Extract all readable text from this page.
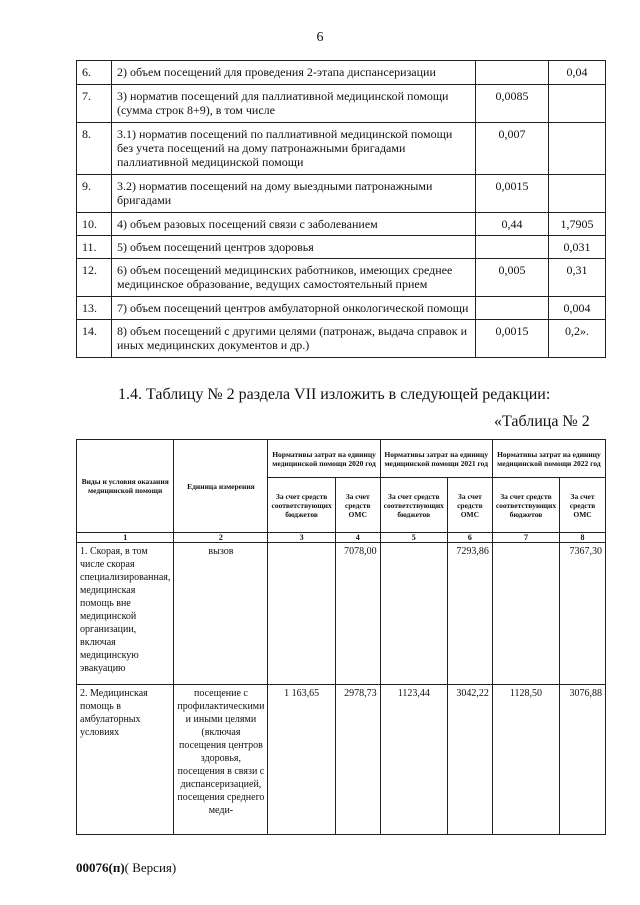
6
6.	2) объем посещений для проведения 2-этапа диспансеризации		0,04
7.	3) норматив посещений для паллиативной медицинской помощи (сумма строк 8+9), в том числе	0,0085	
8.	3.1) норматив посещений по паллиативной медицинской помощи без учета посещений на дому патронажными бригадами паллиативной медицинской помощи	0,007	
9.	3.2) норматив посещений на дому выездными патронажными бригадами	0,0015	
10.	4) объем разовых посещений связи с заболеванием	0,44	1,7905
11.	5) объем посещений центров здоровья		0,031
12.	6) объем посещений медицинских работников, имеющих среднее медицинское образование, ведущих самостоятельный прием	0,005	0,31
13.	7) объем посещений центров амбулаторной онкологической помощи		0,004
14.	8) объем посещений с другими целями (патронаж, выдача справок и иных медицинских документов и др.)	0,0015	0,2».
1.4. Таблицу № 2 раздела VII изложить в следующей редакции:
«Таблица № 2
Виды и условия оказания медицинской помощи	Единица измерения	Нормативы затрат на единицу медицинской помощи 2020 год		Нормативы затрат на единицу медицинской помощи 2021 год		Нормативы затрат на единицу медицинской помощи 2022 год	
		За счет средств соответствующих бюджетов	За счет средств ОМС	За счет средств соответствующих бюджетов	За счет средств ОМС	За счет средств соответствующих бюджетов	За счет средств ОМС
1	2	3	4	5	6	7	8
1. Скорая, в том числе скорая специализированная, медицинская помощь вне медицинской организации, включая медицинскую эвакуацию	вызов		7078,00		7293,86		7367,30
2. Медицинская помощь в амбулаторных условиях	посещение с профилактическими и иными целями (включая посещения центров здоровья, посещения в связи с диспансеризацией, посещения среднего меди-	1 163,65	2978,73	1123,44	3042,22	1128,50	3076,88
00076(п)( Версия)
